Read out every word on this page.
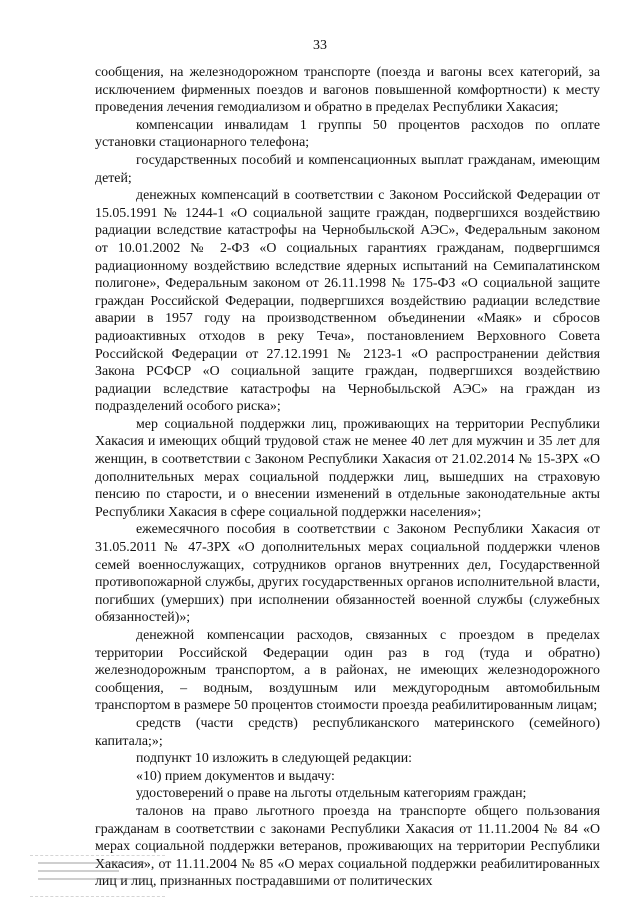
33

сообщения, на железнодорожном транспорте (поезда и вагоны всех категорий, за исключением фирменных поездов и вагонов повышенной комфортности) к месту проведения лечения гемодиализом и обратно в пределах Республики Хакасия;

компенсации инвалидам 1 группы 50 процентов расходов по оплате установки стационарного телефона;

государственных пособий и компенсационных выплат гражданам, имеющим детей;

денежных компенсаций в соответствии с Законом Российской Федерации от 15.05.1991 № 1244-1 «О социальной защите граждан, подвергшихся воздействию радиации вследствие катастрофы на Чернобыльской АЭС», Федеральным законом от 10.01.2002 № 2-ФЗ «О социальных гарантиях гражданам, подвергшимся радиационному воздействию вследствие ядерных испытаний на Семипалатинском полигоне», Федеральным законом от 26.11.1998 № 175-ФЗ «О социальной защите граждан Российской Федерации, подвергшихся воздействию радиации вследствие аварии в 1957 году на производственном объединении «Маяк» и сбросов радиоактивных отходов в реку Теча», постановлением Верховного Совета Российской Федерации от 27.12.1991 № 2123-1 «О распространении действия Закона РСФСР «О социальной защите граждан, подвергшихся воздействию радиации вследствие катастрофы на Чернобыльской АЭС» на граждан из подразделений особого риска»;

мер социальной поддержки лиц, проживающих на территории Республики Хакасия и имеющих общий трудовой стаж не менее 40 лет для мужчин и 35 лет для женщин, в соответствии с Законом Республики Хакасия от 21.02.2014 № 15-ЗРХ «О дополнительных мерах социальной поддержки лиц, вышедших на страховую пенсию по старости, и о внесении изменений в отдельные законодательные акты Республики Хакасия в сфере социальной поддержки населения»;

ежемесячного пособия в соответствии с Законом Республики Хакасия от 31.05.2011 № 47-ЗРХ «О дополнительных мерах социальной поддержки членов семей военнослужащих, сотрудников органов внутренних дел, Государственной противопожарной службы, других государственных органов исполнительной власти, погибших (умерших) при исполнении обязанностей военной службы (служебных обязанностей)»;

денежной компенсации расходов, связанных с проездом в пределах территории Российской Федерации один раз в год (туда и обратно) железнодорожным транспортом, а в районах, не имеющих железнодорожного сообщения, – водным, воздушным или междугородным автомобильным транспортом в размере 50 процентов стоимости проезда реабилитированным лицам;

средств (части средств) республиканского материнского (семейного) капитала;»;

подпункт 10 изложить в следующей редакции:

«10) прием документов и выдачу:

удостоверений о праве на льготы отдельным категориям граждан;

талонов на право льготного проезда на транспорте общего пользования гражданам в соответствии с законами Республики Хакасия от 11.11.2004 № 84 «О мерах социальной поддержки ветеранов, проживающих на территории Республики Хакасия», от 11.11.2004 № 85 «О мерах социальной поддержки реабилитированных лиц и лиц, признанных пострадавшими от политических
